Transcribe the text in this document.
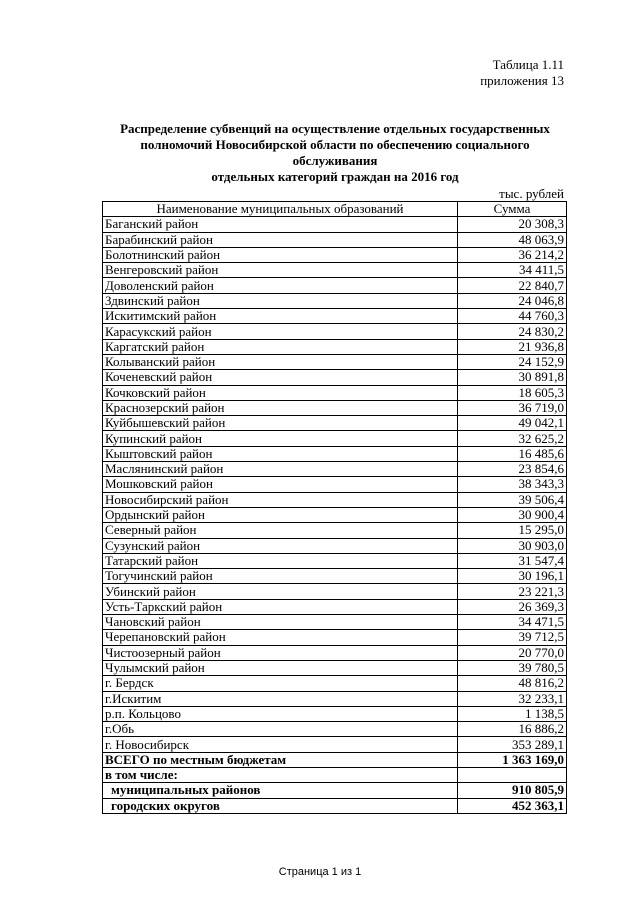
Таблица 1.11
приложения 13
Распределение субвенций на осуществление отдельных государственных
полномочий Новосибирской области по обеспечению социального обслуживания
отдельных категорий граждан на 2016 год
тыс. рублей
Наименование муниципальных образований	Сумма
Баганский район	20 308,3
Барабинский район	48 063,9
Болотнинский район	36 214,2
Венгеровский район	34 411,5
Доволенский район	22 840,7
Здвинский район	24 046,8
Искитимский район	44 760,3
Карасукский район	24 830,2
Каргатский район	21 936,8
Колыванский район	24 152,9
Коченевский район	30 891,8
Кочковский район	18 605,3
Краснозерский район	36 719,0
Куйбышевский район	49 042,1
Купинский район	32 625,2
Кыштовский район	16 485,6
Маслянинский район	23 854,6
Мошковский район	38 343,3
Новосибирский район	39 506,4
Ордынский район	30 900,4
Северный район	15 295,0
Сузунский район	30 903,0
Татарский район	31 547,4
Тогучинский район	30 196,1
Убинский район	23 221,3
Усть-Таркский район	26 369,3
Чановский район	34 471,5
Черепановский район	39 712,5
Чистоозерный район	20 770,0
Чулымский район	39 780,5
г. Бердск	48 816,2
г.Искитим	32 233,1
р.п. Кольцово	1 138,5
г.Обь	16 886,2
г. Новосибирск	353 289,1
ВСЕГО по местным бюджетам	1 363 169,0
в том числе:	
муниципальных районов	910 805,9
городских округов	452 363,1
Страница 1 из 1
